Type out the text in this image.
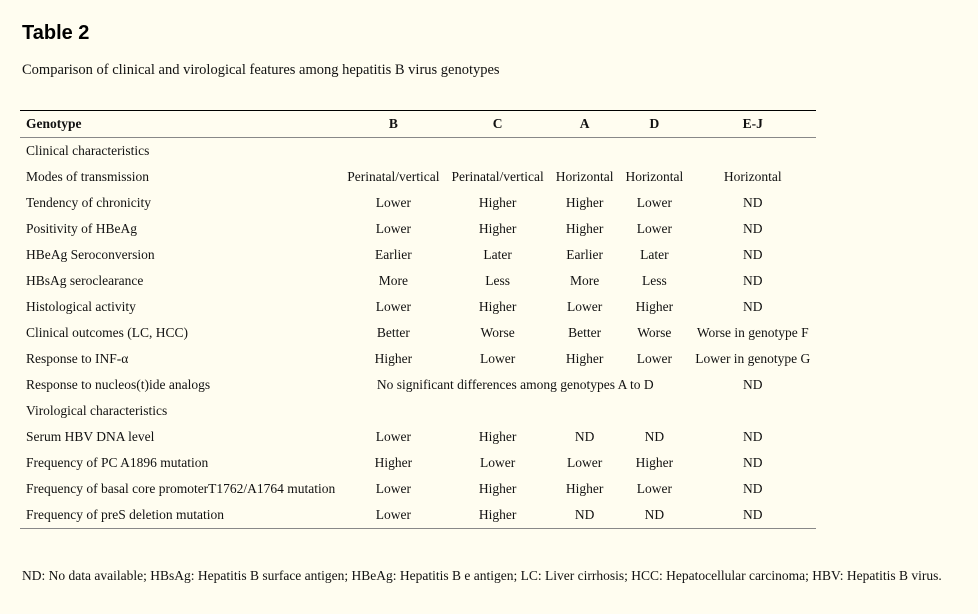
Table 2
Comparison of clinical and virological features among hepatitis B virus genotypes
Genotype	B	C	A	D	E-J
Clinical characteristics					
Modes of transmission	Perinatal/vertical	Perinatal/vertical	Horizontal	Horizontal	Horizontal
Tendency of chronicity	Lower	Higher	Higher	Lower	ND
Positivity of HBeAg	Lower	Higher	Higher	Lower	ND
HBeAg Seroconversion	Earlier	Later	Earlier	Later	ND
HBsAg seroclearance	More	Less	More	Less	ND
Histological activity	Lower	Higher	Lower	Higher	ND
Clinical outcomes (LC, HCC)	Better	Worse	Better	Worse	Worse in genotype F
Response to INF-α	Higher	Lower	Higher	Lower	Lower in genotype G
Response to nucleos(t)ide analogs	No significant differences among genotypes A to D				ND
Virological characteristics					
Serum HBV DNA level	Lower	Higher	ND	ND	ND
Frequency of PC A1896 mutation	Higher	Lower	Lower	Higher	ND
Frequency of basal core promoterT1762/A1764 mutation	Lower	Higher	Higher	Lower	ND
Frequency of preS deletion mutation	Lower	Higher	ND	ND	ND
ND: No data available; HBsAg: Hepatitis B surface antigen; HBeAg: Hepatitis B e antigen; LC: Liver cirrhosis; HCC: Hepatocellular carcinoma; HBV: Hepatitis B virus.
